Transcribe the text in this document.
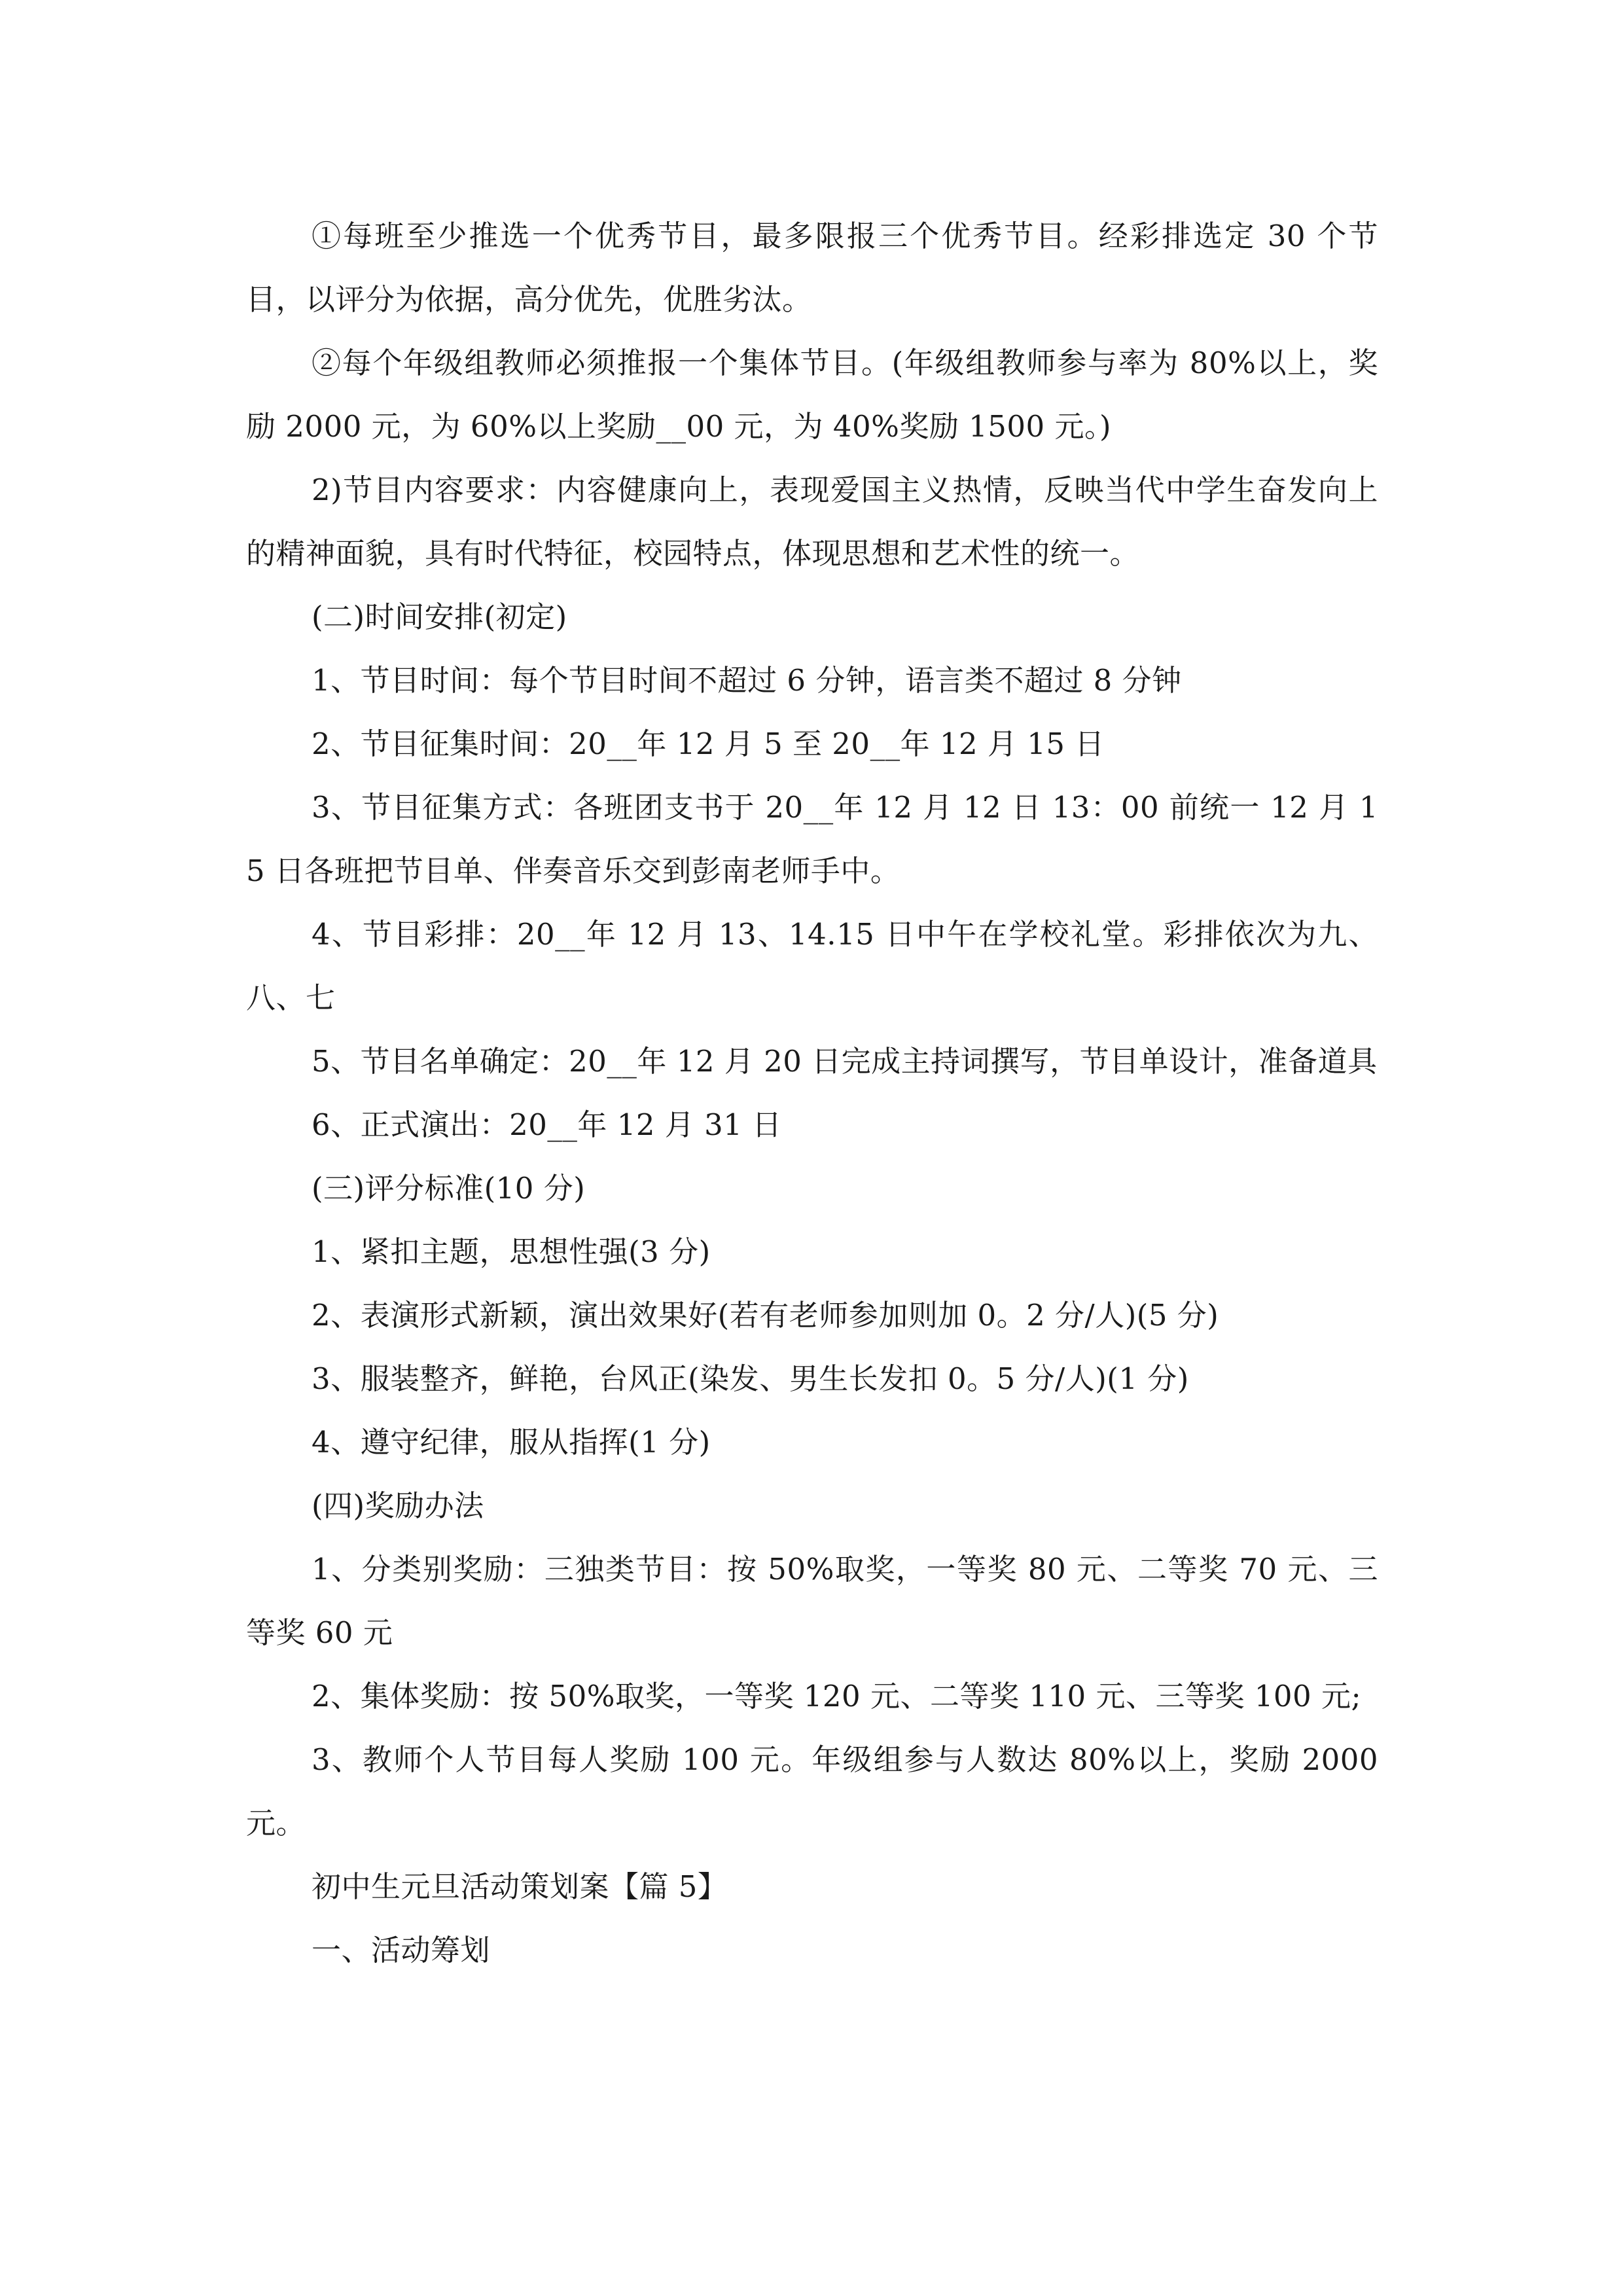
①每班至少推选一个优秀节目，最多限报三个优秀节目。经彩排选定 30 个节目，以评分为依据，高分优先，优胜劣汰。

②每个年级组教师必须推报一个集体节目。(年级组教师参与率为 80%以上，奖励 2000 元，为 60%以上奖励__00 元，为 40%奖励 1500 元。)

2)节目内容要求：内容健康向上，表现爱国主义热情，反映当代中学生奋发向上的精神面貌，具有时代特征，校园特点，体现思想和艺术性的统一。

(二)时间安排(初定)

1、节目时间：每个节目时间不超过 6 分钟，语言类不超过 8 分钟

2、节目征集时间：20__年 12 月 5 至 20__年 12 月 15 日

3、节目征集方式：各班团支书于 20__年 12 月 12 日 13：00 前统一 12 月 15 日各班把节目单、伴奏音乐交到彭南老师手中。

4、节目彩排：20__年 12 月 13、14.15 日中午在学校礼堂。彩排依次为九、八、七

5、节目名单确定：20__年 12 月 20 日完成主持词撰写，节目单设计，准备道具

6、正式演出：20__年 12 月 31 日

(三)评分标准(10 分)

1、紧扣主题，思想性强(3 分)

2、表演形式新颖，演出效果好(若有老师参加则加 0。2 分/人)(5 分)

3、服装整齐，鲜艳，台风正(染发、男生长发扣 0。5 分/人)(1 分)

4、遵守纪律，服从指挥(1 分)

(四)奖励办法

1、分类别奖励：三独类节目：按 50%取奖，一等奖 80 元、二等奖 70 元、三等奖 60 元

2、集体奖励：按 50%取奖，一等奖 120 元、二等奖 110 元、三等奖 100 元;

3、教师个人节目每人奖励 100 元。年级组参与人数达 80%以上，奖励 2000 元。

初中生元旦活动策划案【篇 5】

一、活动筹划
